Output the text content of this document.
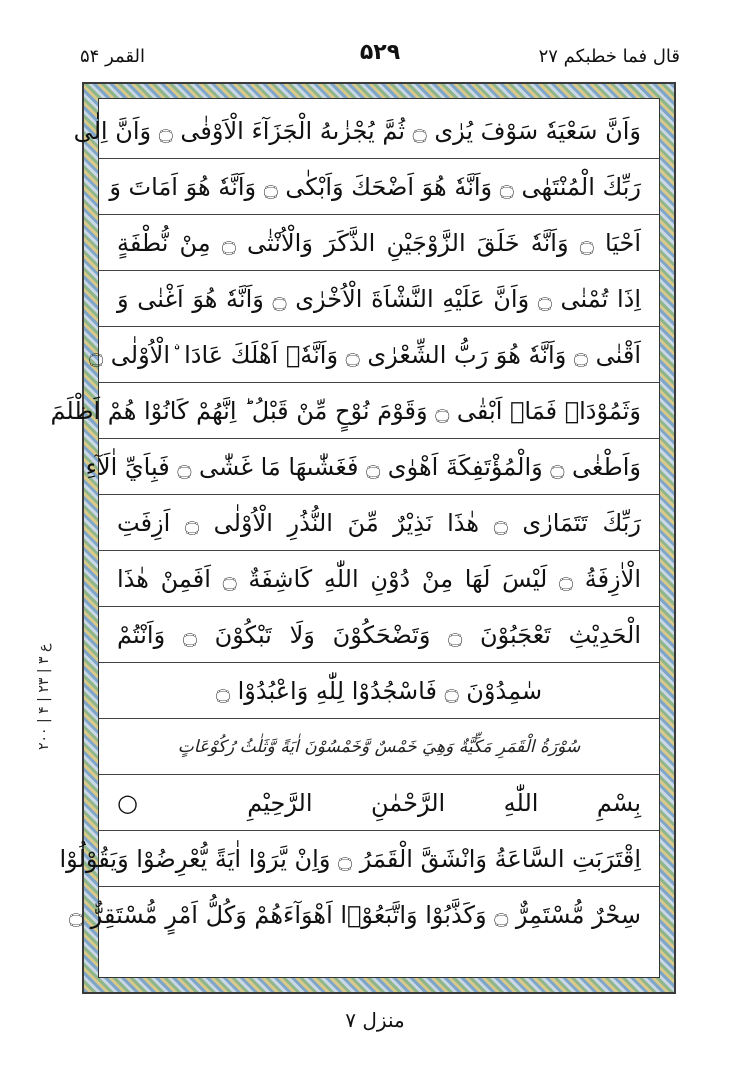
القمر ۵۴	۵۲۹	قال فما خطبکم ۲۷
ع ۳ | ۲۳ | ۴ | ۲۰۰
وَاَنَّ سَعْيَهٗ سَوْفَ يُرٰى ۝ ثُمَّ يُجْزٰىهُ الْجَزَآءَ الْاَوْفٰى ۝ وَاَنَّ اِلٰى
رَبِّكَ الْمُنْتَهٰى ۝ وَاَنَّهٗ هُوَ اَضْحَكَ وَاَبْكٰى ۝ وَاَنَّهٗ هُوَ اَمَاتَ وَ
اَحْيَا ۝ وَاَنَّهٗ خَلَقَ الزَّوْجَيْنِ الذَّكَرَ وَالْاُنْثٰى ۝ مِنْ نُّطْفَةٍ
اِذَا تُمْنٰى ۝ وَاَنَّ عَلَيْهِ النَّشْاَةَ الْاُخْرٰى ۝ وَاَنَّهٗ هُوَ اَغْنٰى وَ
اَقْنٰى ۝ وَاَنَّهٗ هُوَ رَبُّ الشِّعْرٰى ۝ وَاَنَّهٗۤ اَهْلَكَ عَادَا ۨالْاُوْلٰى ۝
وَثَمُوْدَاۡ فَمَاۤ اَبْقٰى ۝ وَقَوْمَ نُوْحٍ مِّنْ قَبْلُ ؕ اِنَّهُمْ كَانُوْا هُمْ اَظْلَمَ
وَاَطْغٰى ۝ وَالْمُؤْتَفِكَةَ اَهْوٰى ۝ فَغَشّٰىهَا مَا غَشّٰى ۝ فَبِاَيِّ اٰلَآءِ
رَبِّكَ تَتَمَارٰى ۝ هٰذَا نَذِيْرٌ مِّنَ النُّذُرِ الْاُوْلٰى ۝ اَزِفَتِ
الْاٰزِفَةُ ۝ لَيْسَ لَهَا مِنْ دُوْنِ اللّٰهِ كَاشِفَةٌ ۝ اَفَمِنْ هٰذَا
الْحَدِيْثِ تَعْجَبُوْنَ ۝ وَتَضْحَكُوْنَ وَلَا تَبْكُوْنَ ۝ وَاَنْتُمْ
سٰمِدُوْنَ ۝ فَاسْجُدُوْا لِلّٰهِ وَاعْبُدُوْا ۝
سُوْرَةُ الْقَمَرِ مَكِّيَّةٌ وَهِيَ خَمْسٌ وَّخَمْسُوْنَ اٰيَةً وَّثَلٰثُ رُكُوْعَاتٍ
بِسْمِ اللّٰهِ الرَّحْمٰنِ الرَّحِيْمِ ○
اِقْتَرَبَتِ السَّاعَةُ وَانْشَقَّ الْقَمَرُ ۝ وَاِنْ يَّرَوْا اٰيَةً يُّعْرِضُوْا وَيَقُوْلُوْا
سِحْرٌ مُّسْتَمِرٌّ ۝ وَكَذَّبُوْا وَاتَّبَعُوْۤا اَهْوَآءَهُمْ وَكُلُّ اَمْرٍ مُّسْتَقِرٌّ ۝
منزل ۷
